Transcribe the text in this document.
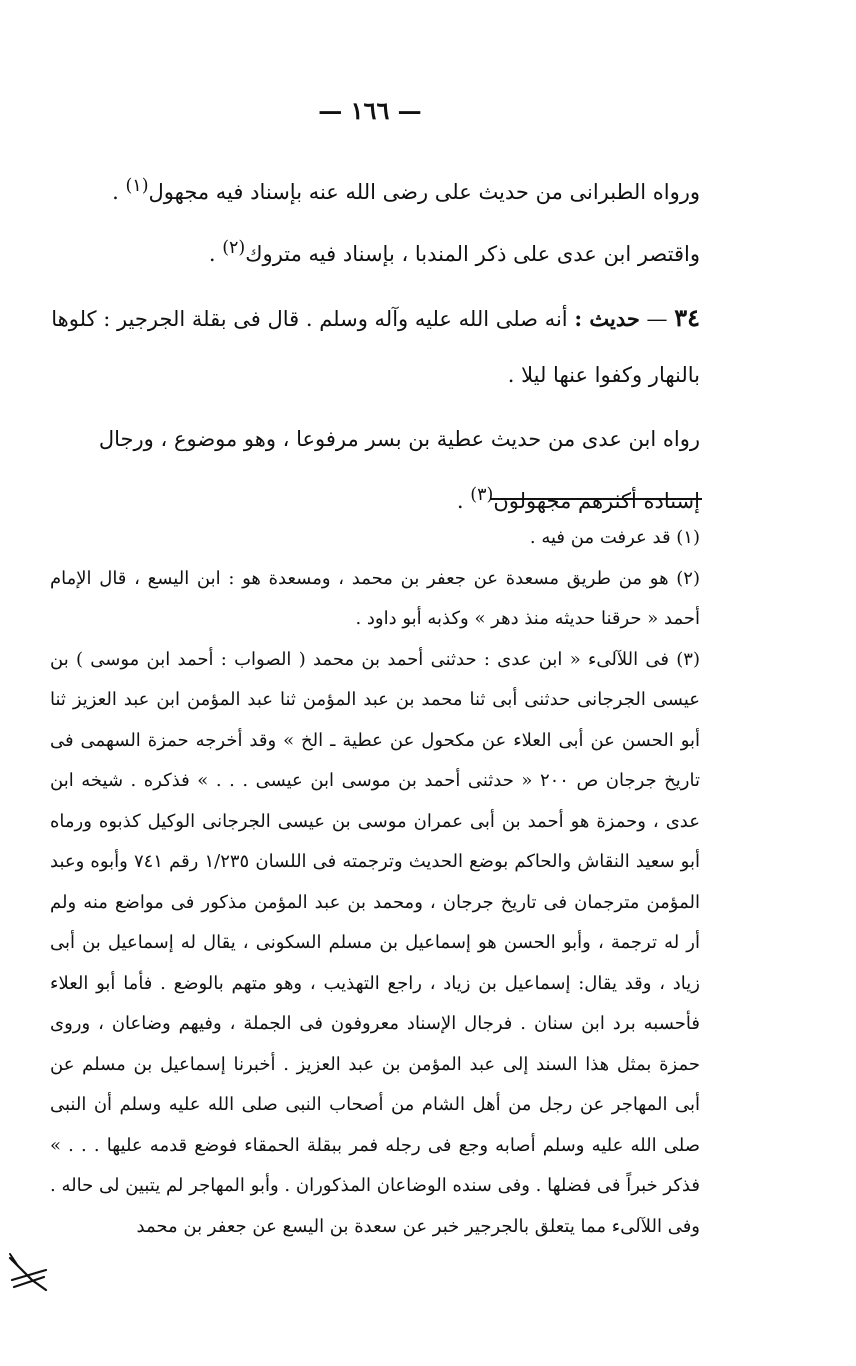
— ١٦٦ —

ورواه الطبرانى من حديث على رضى الله عنه بإسناد فيه مجهول$^{(١)}$ .

واقتصر ابن عدى على ذكر المندبا ، بإسناد فيه متروك$^{(٢)}$ .

٣٤ — حديث : أنه صلى الله عليه وآله وسلم . قال فى بقلة الجرجير : كلوها بالنهار وكفوا عنها ليلا .

رواه ابن عدى من حديث عطية بن بسر مرفوعا ، وهو موضوع ، ورجال إسناده أكثرهم مجهولون$^{(٣)}$ .

(١) قد عرفت من فيه .

(٢) هو من طريق مسعدة عن جعفر بن محمد ، ومسعدة هو : ابن اليسع ، قال الإمام أحمد « حرقنا حديثه منذ دهر » وكذبه أبو داود .

(٣) فى اللآلىء « ابن عدى : حدثنى أحمد بن محمد ( الصواب : أحمد ابن موسى ) بن عيسى الجرجانى حدثنى أبى ثنا محمد بن عبد المؤمن ثنا عبد المؤمن ابن عبد العزيز ثنا أبو الحسن عن أبى العلاء عن مكحول عن عطية ـ الخ » وقد أخرجه حمزة السهمى فى تاريخ جرجان ص ٢٠٠ « حدثنى أحمد بن موسى ابن عيسى . . . » فذكره . شيخه ابن عدى ، وحمزة هو أحمد بن أبى عمران موسى بن عيسى الجرجانى الوكيل كذبوه ورماه أبو سعيد النقاش والحاكم بوضع الحديث وترجمته فى اللسان ١/٢٣٥ رقم ٧٤١ وأبوه وعبد المؤمن مترجمان فى تاريخ جرجان ، ومحمد بن عبد المؤمن مذكور فى مواضع منه ولم أر له ترجمة ، وأبو الحسن هو إسماعيل بن مسلم السكونى ، يقال له إسماعيل بن أبى زياد ، وقد يقال: إسماعيل بن زياد ، راجع التهذيب ، وهو متهم بالوضع . فأما أبو العلاء فأحسبه برد ابن سنان . فرجال الإسناد معروفون فى الجملة ، وفيهم وضاعان ، وروى حمزة بمثل هذا السند إلى عبد المؤمن بن عبد العزيز . أخبرنا إسماعيل بن مسلم عن أبى المهاجر عن رجل من أهل الشام من أصحاب النبى صلى الله عليه وسلم أن النبى صلى الله عليه وسلم أصابه وجع فى رجله فمر ببقلة الحمقاء فوضع قدمه عليها . . . » فذكر خبراً فى فضلها . وفى سنده الوضاعان المذكوران . وأبو المهاجر لم يتبين لى حاله . وفى اللآلىء مما يتعلق بالجرجير خبر عن سعدة بن اليسع عن جعفر بن محمد
